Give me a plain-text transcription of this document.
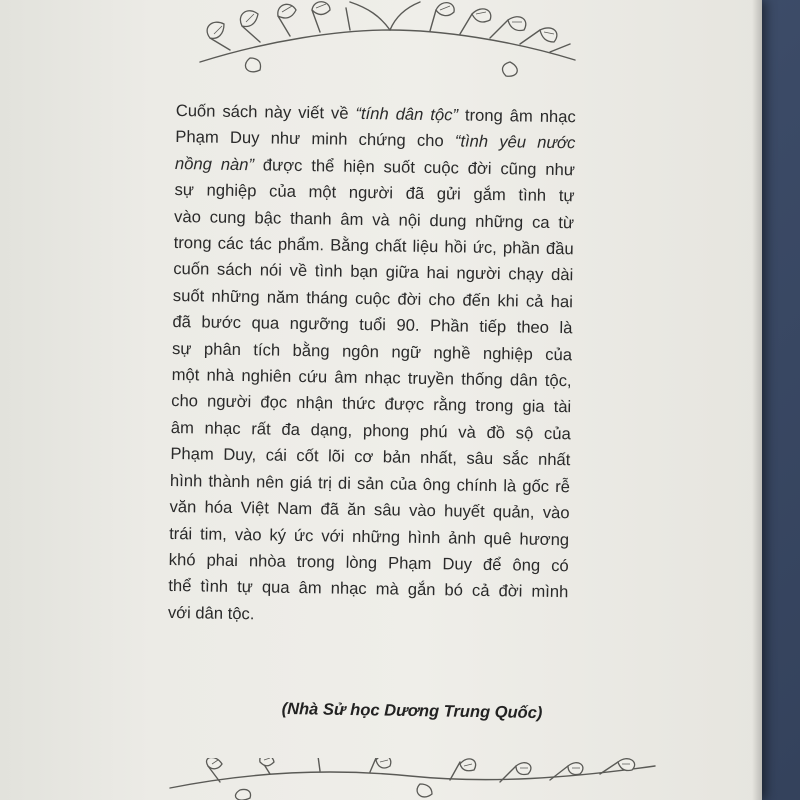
Cuốn sách này viết về “tính dân tộc” trong âm nhạc
Phạm Duy như minh chứng cho “tình yêu nước
nồng nàn” được thể hiện suốt cuộc đời cũng như
sự nghiệp của một người đã gửi gắm tình tự
vào cung bậc thanh âm và nội dung những ca từ
trong các tác phẩm. Bằng chất liệu hồi ức, phần đầu
cuốn sách nói về tình bạn giữa hai người chạy dài
suốt những năm tháng cuộc đời cho đến khi cả hai
đã bước qua ngưỡng tuổi 90. Phần tiếp theo là
sự phân tích bằng ngôn ngữ nghề nghiệp của
một nhà nghiên cứu âm nhạc truyền thống dân tộc,
cho người đọc nhận thức được rằng trong gia tài
âm nhạc rất đa dạng, phong phú và đồ sộ của
Phạm Duy, cái cốt lõi cơ bản nhất, sâu sắc nhất
hình thành nên giá trị di sản của ông chính là gốc rễ
văn hóa Việt Nam đã ăn sâu vào huyết quản, vào
trái tim, vào ký ức với những hình ảnh quê hương
khó phai nhòa trong lòng Phạm Duy để ông có
thể tình tự qua âm nhạc mà gắn bó cả đời mình
với dân tộc.
(Nhà Sử học Dương Trung Quốc)
